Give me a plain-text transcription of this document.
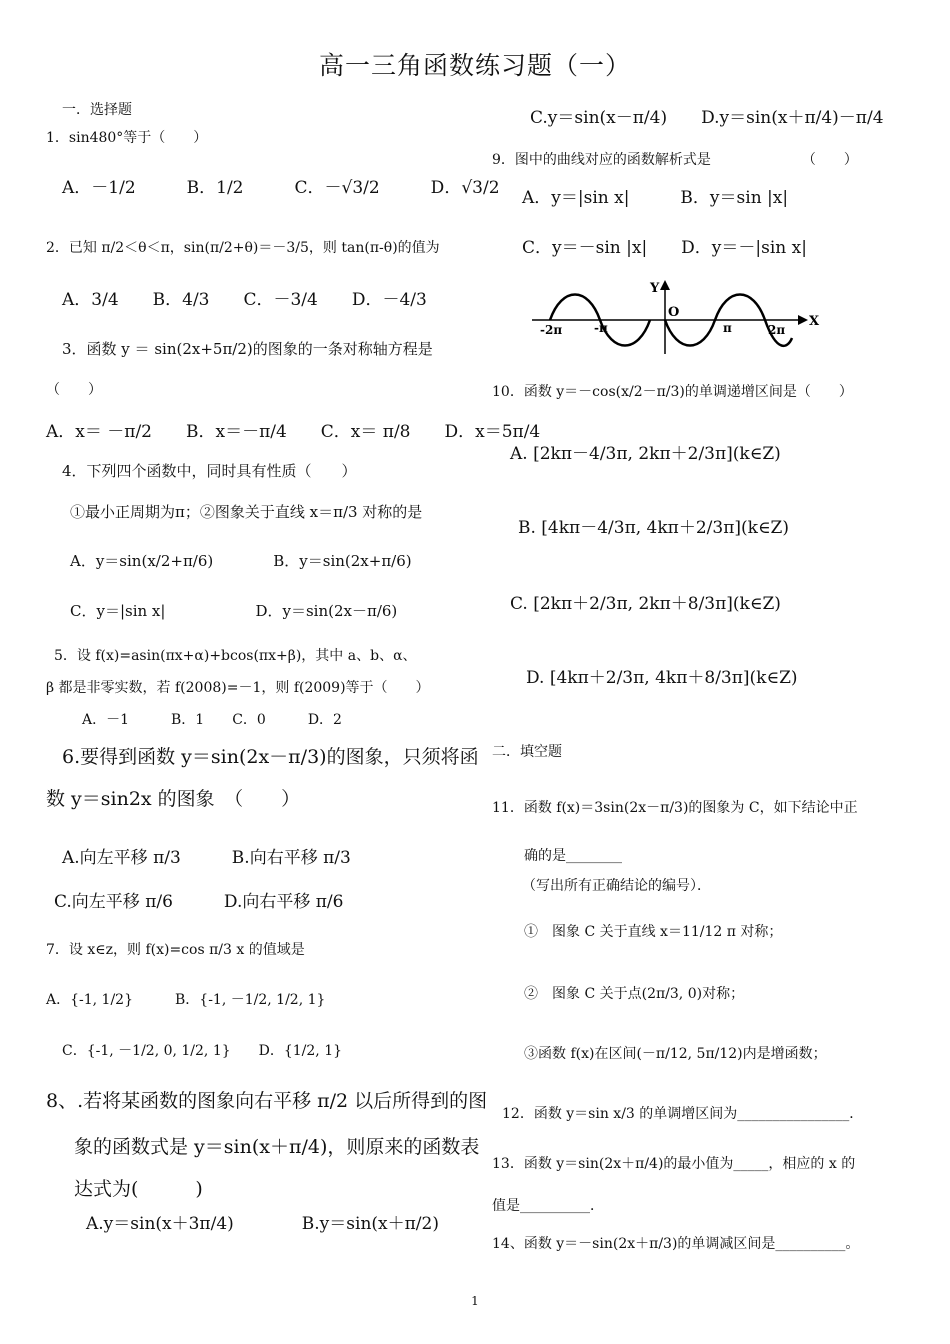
高一三角函数练习题（一）
一．选择题
1．sin480°等于（　　）
A．－1/2　　　B．1/2　　　C．－√3/2　　　D．√3/2
2．已知 π/2＜θ＜π，sin(π/2+θ)＝－3/5，则 tan(π-θ)的值为
A．3/4　　B．4/3　　C．－3/4　　D．－4/3
3．函数 y ＝ sin(2x+5π/2)的图象的一条对称轴方程是
（　　）
A．x＝ －π/2　　B．x＝－π/4　　C．x＝ π/8　　D．x＝5π/4
4．下列四个函数中，同时具有性质（　　）
①最小正周期为π；②图象关于直线 x＝π/3 对称的是
A．y＝sin(x/2+π/6)　　　　B．y＝sin(2x+π/6)
C．y＝|sin x|　　　　　　D．y＝sin(2x－π/6)
5．设 f(x)=asin(πx+α)+bcos(πx+β)，其中 a、b、α、
β 都是非零实数，若 f(2008)=－1，则 f(2009)等于（　　）
A．－1　　　B．1　　C．0　　　D．2
6.要得到函数 y＝sin(2x－π/3)的图象，只须将函
数 y＝sin2x 的图象　（　　）
A.向左平移 π/3　　　B.向右平移 π/3
C.向左平移 π/6　　　D.向右平移 π/6
7．设 x∈z，则 f(x)=cos π/3 x 的值域是
A．{-1, 1/2}　　　B．{-1, －1/2, 1/2, 1}
C．{-1, －1/2, 0, 1/2, 1}　　D．{1/2, 1}
8、.若将某函数的图象向右平移 π/2 以后所得到的图
象的函数式是 y＝sin(x＋π/4)，则原来的函数表
达式为(　　　)
A.y＝sin(x＋3π/4)　　　　B.y＝sin(x＋π/2)
C.y＝sin(x－π/4)　　D.y＝sin(x＋π/4)－π/4
9．图中的曲线对应的函数解析式是　　　　　　　（　　）
A．y＝|sin x|　　　B．y＝sin |x|
C．y＝－sin |x|　　D．y＝－|sin x|
10．函数 y＝－cos(x/2－π/3)的单调递增区间是（　　）
A. [2kπ－4/3π, 2kπ＋2/3π](k∈Z)
B. [4kπ－4/3π, 4kπ＋2/3π](k∈Z)
C. [2kπ＋2/3π, 2kπ＋8/3π](k∈Z)
D. [4kπ＋2/3π, 4kπ＋8/3π](k∈Z)
二．填空题
11．函数 f(x)＝3sin(2x－π/3)的图象为 C，如下结论中正
确的是________
（写出所有正确结论的编号）．
①　图象 C 关于直线 x＝11/12 π 对称；
②　图象 C 关于点(2π/3, 0)对称；
③函数 f(x)在区间(－π/12, 5π/12)内是增函数；
12．函数 y＝sin x/3 的单调增区间为________________．
13．函数 y＝sin(2x＋π/4)的最小值为_____，相应的 x 的
值是__________．
14、函数 y＝－sin(2x＋π/3)的单调减区间是__________。
Y
O
X
-2π	-π	π	2π
1
